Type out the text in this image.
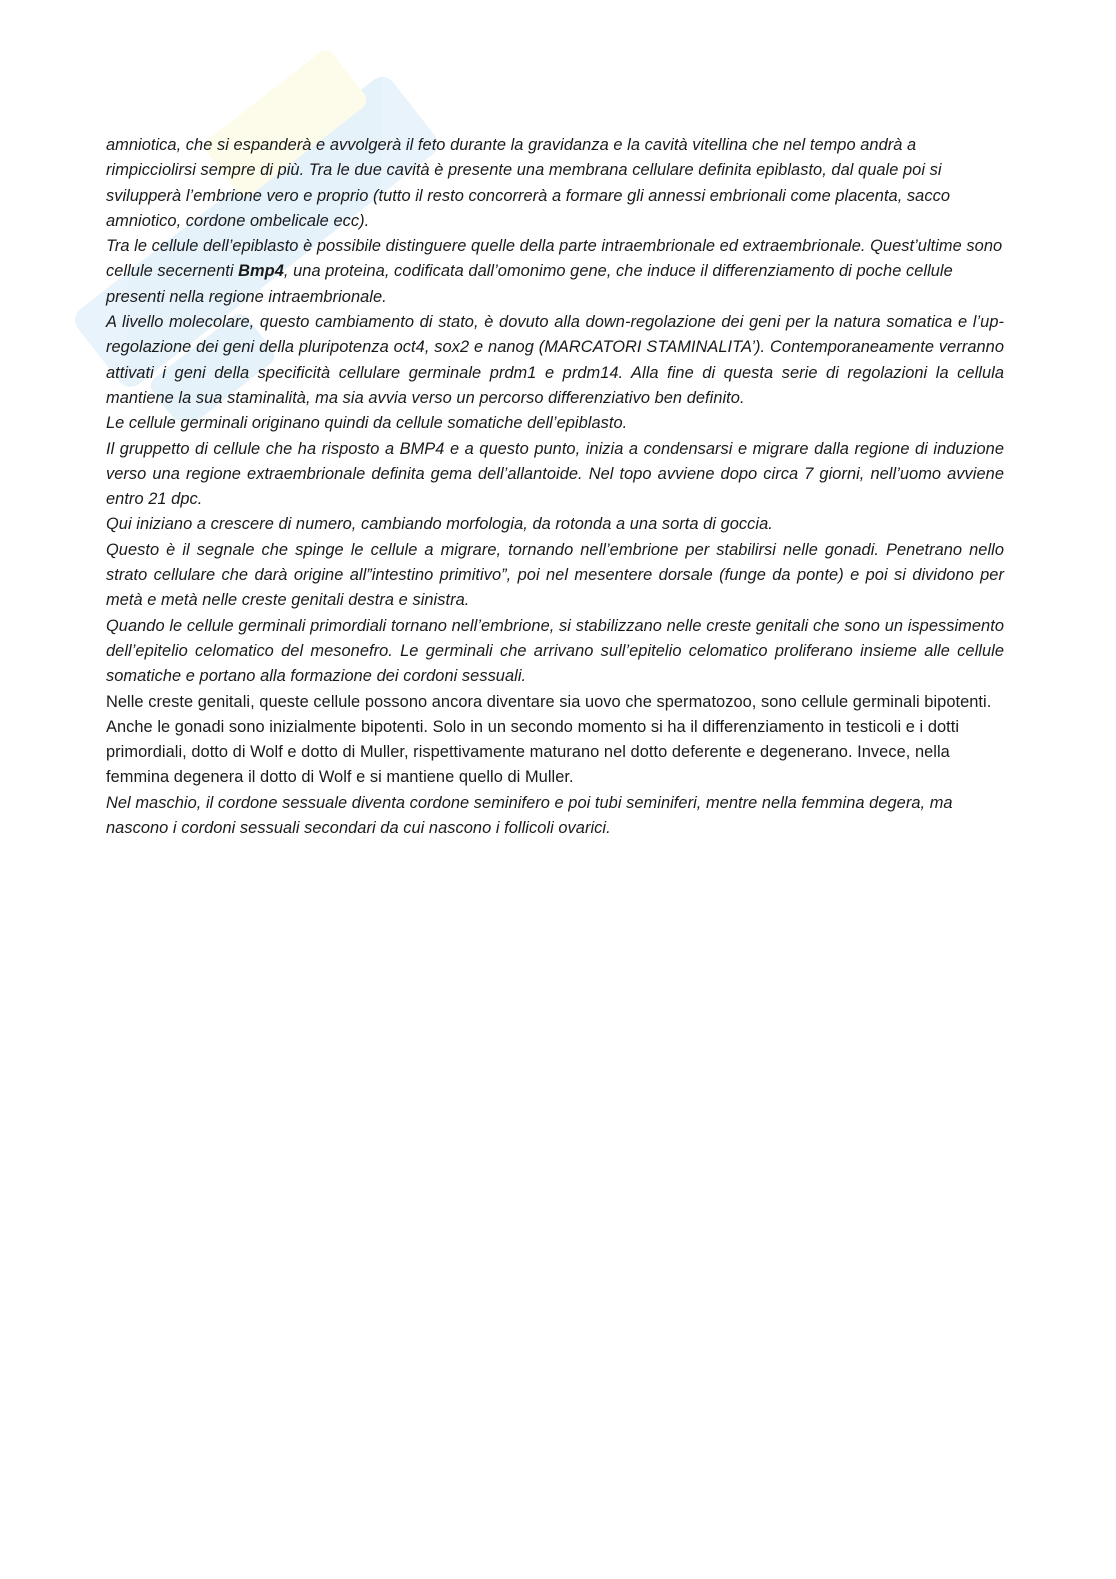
amniotica, che si espanderà e avvolgerà il feto durante la gravidanza e la cavità vitellina che nel tempo andrà a rimpicciolirsi sempre di più. Tra le due cavità è presente una membrana cellulare definita epiblasto, dal quale poi si svilupperà l’embrione vero e proprio (tutto il resto concorrerà a formare gli annessi embrionali come placenta, sacco amniotico, cordone ombelicale ecc).

Tra le cellule dell’epiblasto è possibile distinguere quelle della parte intraembrionale ed extraembrionale. Quest’ultime sono cellule secernenti Bmp4, una proteina, codificata dall’omonimo gene, che induce il differenziamento di poche cellule presenti nella regione intraembrionale.

A livello molecolare, questo cambiamento di stato, è dovuto alla down-regolazione dei geni per la natura somatica e l’up-regolazione dei geni della pluripotenza oct4, sox2 e nanog (MARCATORI STAMINALITA’). Contemporaneamente verranno attivati i geni della specificità cellulare germinale prdm1 e prdm14. Alla fine di questa serie di regolazioni la cellula mantiene la sua staminalità, ma sia avvia verso un percorso differenziativo ben definito.

Le cellule germinali originano quindi da cellule somatiche dell’epiblasto.

Il gruppetto di cellule che ha risposto a BMP4 e a questo punto, inizia a condensarsi e migrare dalla regione di induzione verso una regione extraembrionale definita gema dell’allantoide. Nel topo avviene dopo circa 7 giorni, nell’uomo avviene entro 21 dpc.

Qui iniziano a crescere di numero, cambiando morfologia, da rotonda a una sorta di goccia.

Questo è il segnale che spinge le cellule a migrare, tornando nell’embrione per stabilirsi nelle gonadi. Penetrano nello strato cellulare che darà origine all”intestino primitivo”, poi nel mesentere dorsale (funge da ponte) e poi si dividono per metà e metà nelle creste genitali destra e sinistra.

Quando le cellule germinali primordiali tornano nell’embrione, si stabilizzano nelle creste genitali che sono un ispessimento dell’epitelio celomatico del mesonefro. Le germinali che arrivano sull’epitelio celomatico proliferano insieme alle cellule somatiche e portano alla formazione dei cordoni sessuali.

Nelle creste genitali, queste cellule possono ancora diventare sia uovo che spermatozoo, sono cellule germinali bipotenti.

Anche le gonadi sono inizialmente bipotenti. Solo in un secondo momento si ha il differenziamento in testicoli e i dotti primordiali, dotto di Wolf e dotto di Muller, rispettivamente maturano nel dotto deferente e degenerano. Invece, nella femmina degenera il dotto di Wolf e si mantiene quello di Muller.

Nel maschio, il cordone sessuale diventa cordone seminifero e poi tubi seminiferi, mentre nella femmina degera, ma nascono i cordoni sessuali secondari da cui nascono i follicoli ovarici.
